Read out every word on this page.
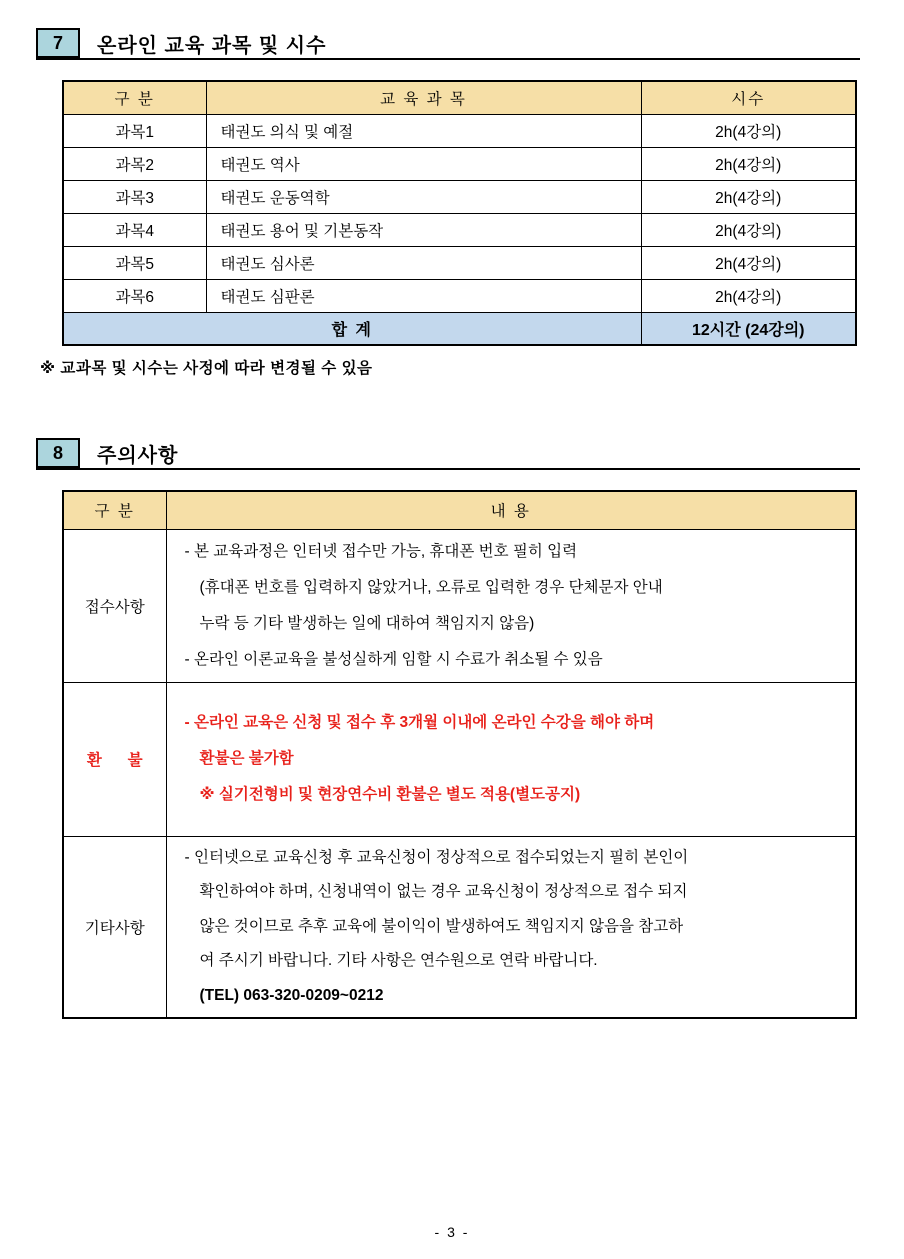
7	온라인 교육 과목 및 시수
구 분	교 육 과 목	시수
과목1	태권도 의식 및 예절	2h(4강의)
과목2	태권도 역사	2h(4강의)
과목3	태권도 운동역학	2h(4강의)
과목4	태권도 용어 및 기본동작	2h(4강의)
과목5	태권도 심사론	2h(4강의)
과목6	태권도 심판론	2h(4강의)
합 계		12시간 (24강의)
※ 교과목 및 시수는 사정에 따라 변경될 수 있음
8	주의사항
구 분	내 용
접수사항	- 본 교육과정은 인터넷 접수만 가능, 휴대폰 번호 필히 입력
(휴대폰 번호를 입력하지 않았거나, 오류로 입력한 경우 단체문자 안내
누락 등 기타 발생하는 일에 대하여 책임지지 않음)
- 온라인 이론교육을 불성실하게 임할 시 수료가 취소될 수 있음

환      불	- 온라인 교육은 신청 및 접수 후 3개월 이내에 온라인 수강을 해야 하며
환불은 불가함
※ 실기전형비 및 현장연수비 환불은 별도 적용(별도공지)

기타사항	- 인터넷으로 교육신청 후 교육신청이 정상적으로 접수되었는지 필히 본인이
확인하여야 하며, 신청내역이 없는 경우 교육신청이 정상적으로 접수 되지
않은 것이므로 추후 교육에 불이익이 발생하여도 책임지지 않음을 참고하
여 주시기 바랍니다. 기타 사항은 연수원으로 연락 바랍니다.
(TEL) 063-320-0209~0212
- 3 -
